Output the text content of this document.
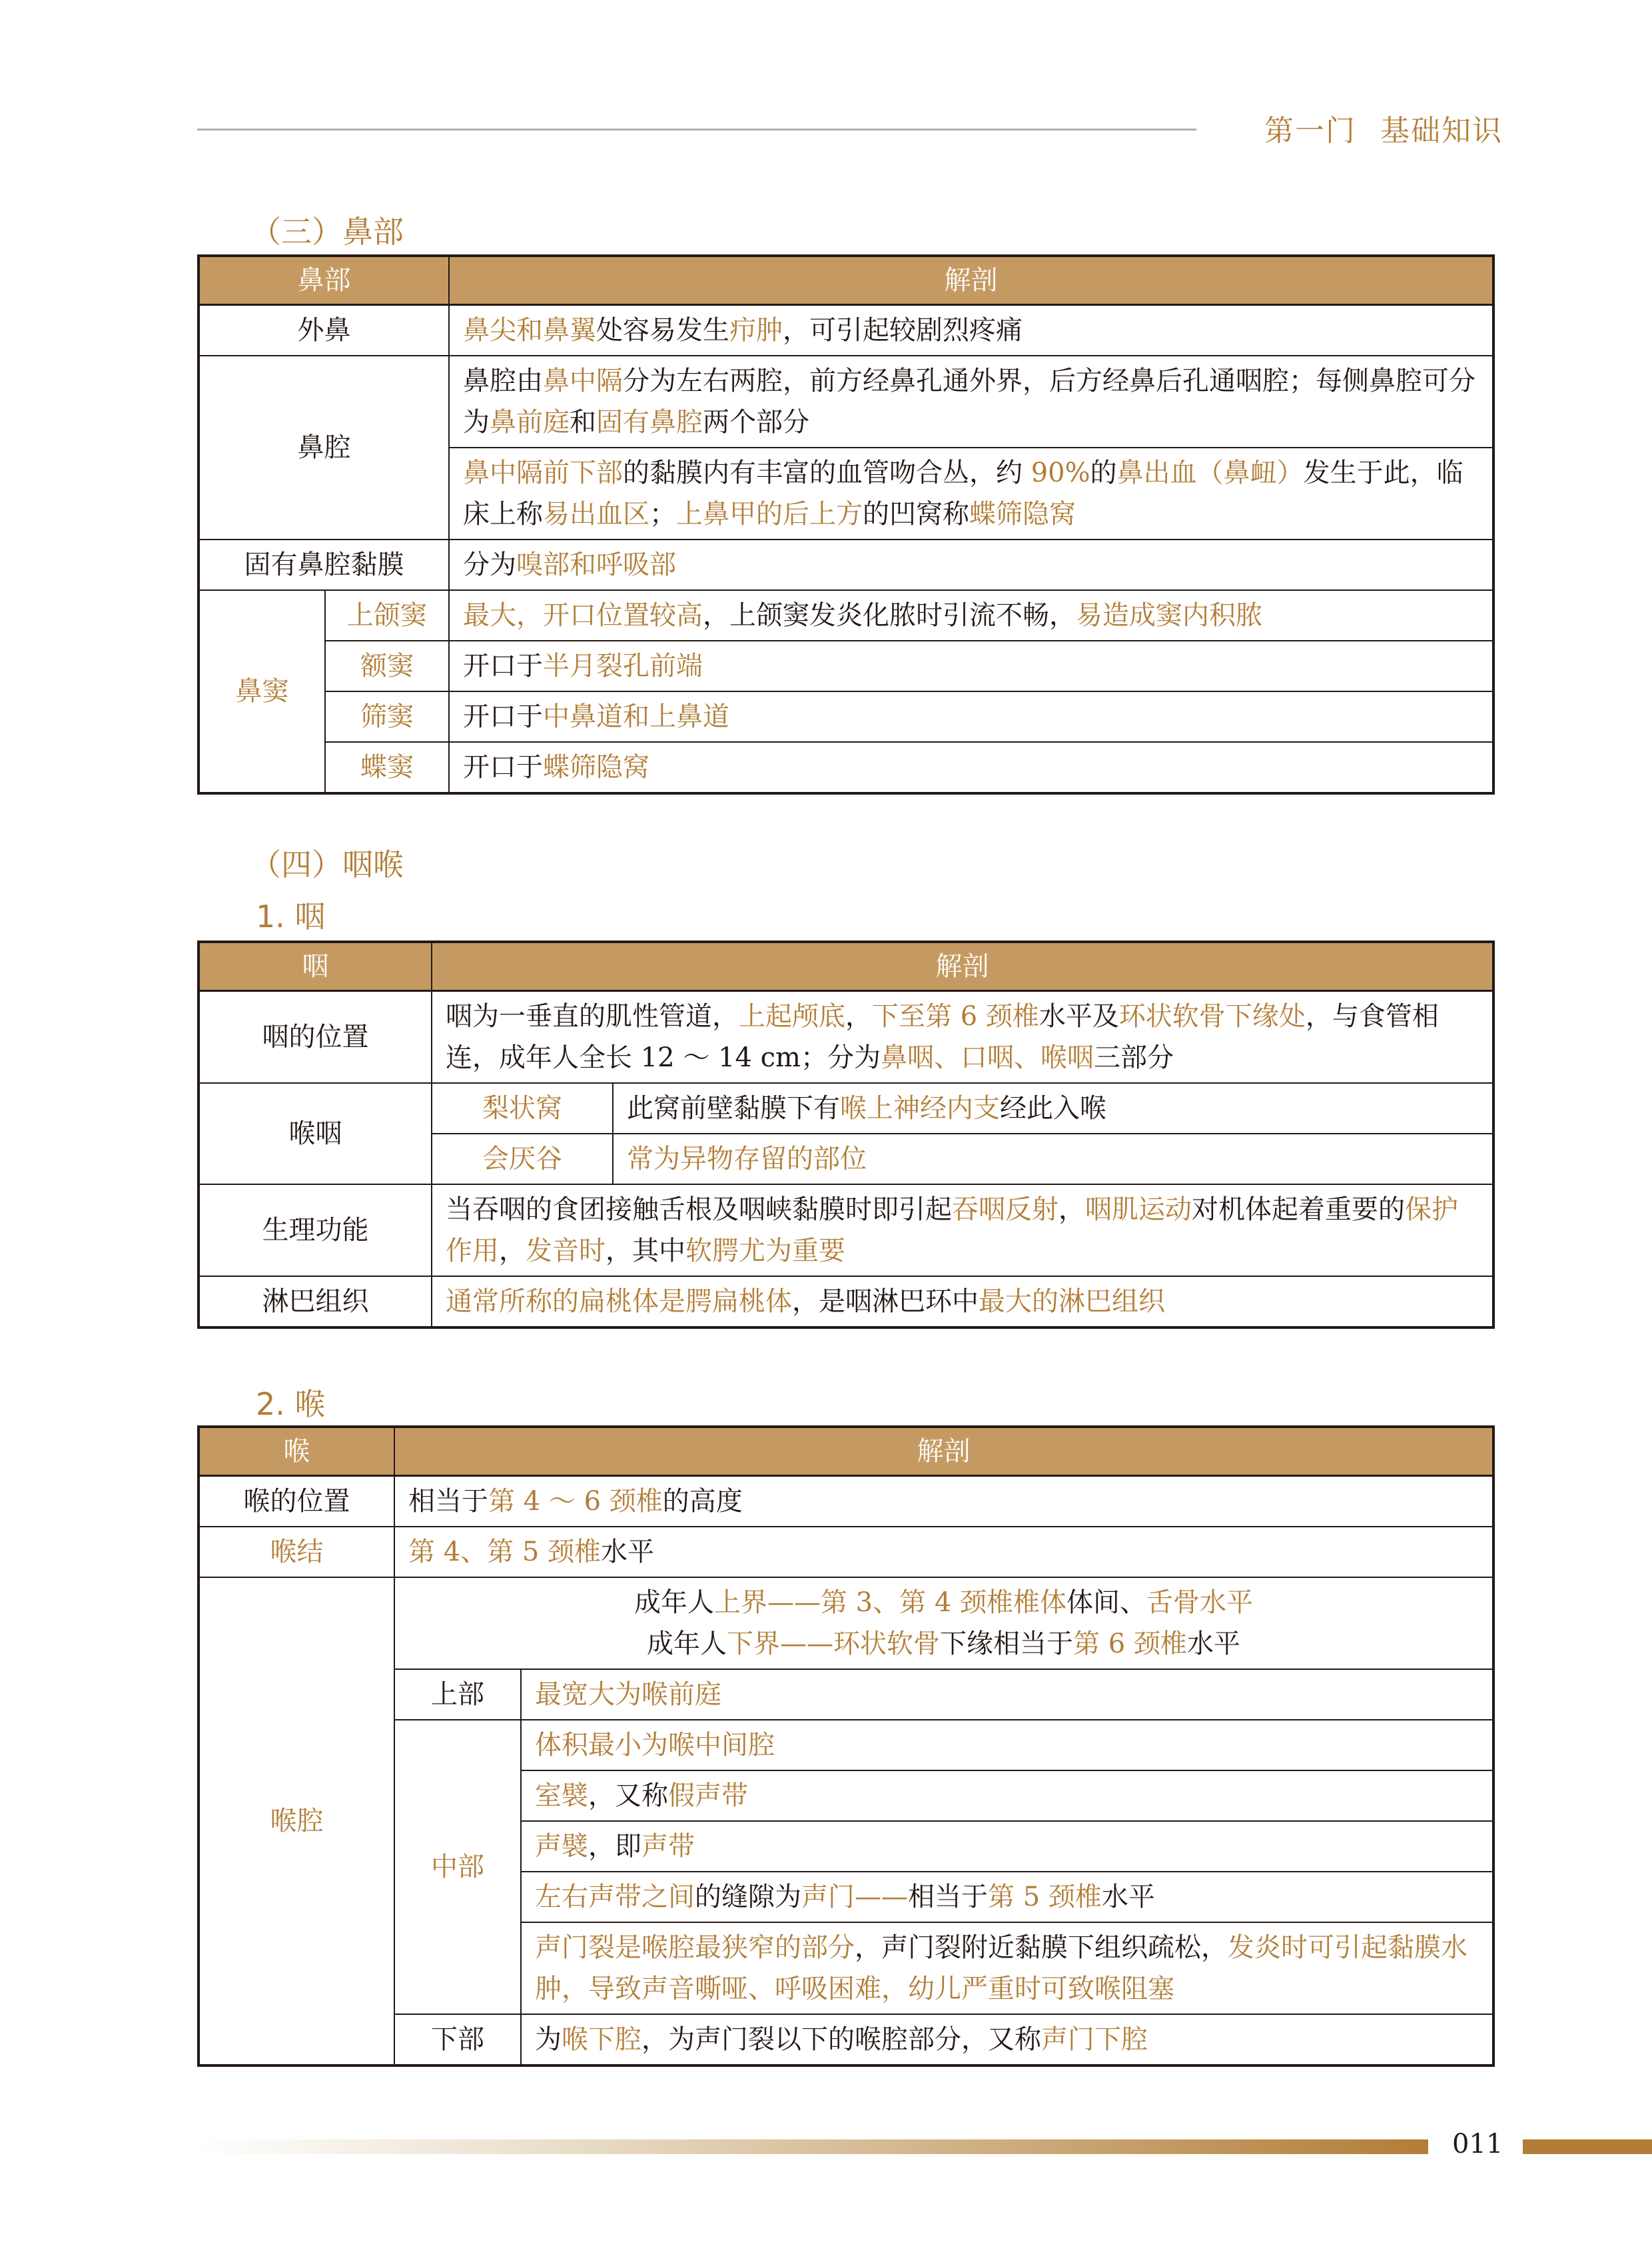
第一门 基础知识
（三）鼻部
鼻部		解剖
外鼻		鼻尖和鼻翼处容易发生疖肿，可引起较剧烈疼痛
鼻腔		鼻腔由鼻中隔分为左右两腔，前方经鼻孔通外界，后方经鼻后孔通咽腔；每侧鼻腔可分为鼻前庭和固有鼻腔两个部分
		鼻中隔前下部的黏膜内有丰富的血管吻合丛，约 90%的鼻出血（鼻衄）发生于此，临床上称易出血区；上鼻甲的后上方的凹窝称蝶筛隐窝
固有鼻腔黏膜		分为嗅部和呼吸部
鼻窦	上颌窦	最大，开口位置较高，上颌窦发炎化脓时引流不畅，易造成窦内积脓
	额窦	开口于半月裂孔前端
	筛窦	开口于中鼻道和上鼻道
	蝶窦	开口于蝶筛隐窝
（四）咽喉
1. 咽
咽	解剖	
咽的位置	咽为一垂直的肌性管道，上起颅底，下至第 6 颈椎水平及环状软骨下缘处，与食管相连，成年人全长 12 ～ 14 cm；分为鼻咽、口咽、喉咽三部分	
喉咽	梨状窝	此窝前壁黏膜下有喉上神经内支经此入喉
	会厌谷	常为异物存留的部位
生理功能	当吞咽的食团接触舌根及咽峡黏膜时即引起吞咽反射，咽肌运动对机体起着重要的保护作用，发音时，其中软腭尤为重要	
淋巴组织	通常所称的扁桃体是腭扁桃体，是咽淋巴环中最大的淋巴组织	
2. 喉
喉	解剖	
喉的位置	相当于第 4 ～ 6 颈椎的高度	
喉结	第 4、第 5 颈椎水平	
喉腔	成年人上界——第 3、第 4 颈椎椎体体间、舌骨水平
成年人下界——环状软骨下缘相当于第 6 颈椎水平	

	上部	最宽大为喉前庭
	中部	体积最小为喉中间腔
		室襞，又称假声带
		声襞，即声带
		左右声带之间的缝隙为声门——相当于第 5 颈椎水平
		声门裂是喉腔最狭窄的部分，声门裂附近黏膜下组织疏松，发炎时可引起黏膜水肿，导致声音嘶哑、呼吸困难，幼儿严重时可致喉阻塞
	下部	为喉下腔，为声门裂以下的喉腔部分，又称声门下腔
011
